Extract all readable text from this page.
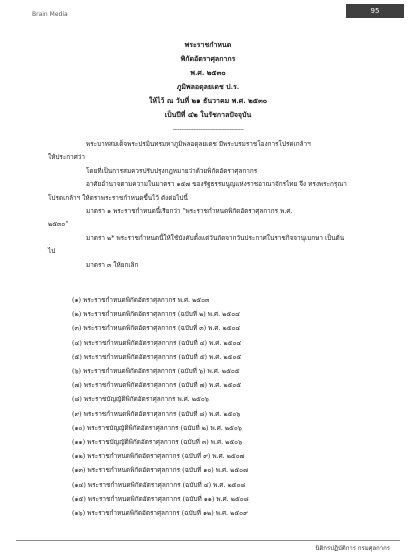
Brain Media	95
พระราชกำหนด
พิกัดอัตราศุลกากร
พ.ศ. ๒๕๓๐
ภูมิพลอดุลยเดช ป.ร.
ให้ไว้ ณ วันที่ ๒๑ ธันวาคม พ.ศ. ๒๕๓๐
เป็นปีที่ ๔๒ ในรัชกาลปัจจุบัน
-----------------------------------------
พระบาทสมเด็จพระปรมินทรมหาภูมิพลอดุลยเดช มีพระบรมราชโองการโปรดเกล้าฯ
ให้ประกาศว่า
โดยที่เป็นการสมควรปรับปรุงกฎหมายว่าด้วยพิกัดอัตราศุลกากร
อาศัยอำนาจตามความในมาตรา ๑๕๗ ของรัฐธรรมนูญแห่งราชอาณาจักรไทย จึง ทรงพระกรุณา
โปรดเกล้าฯ ให้ตราพระราชกำหนดขึ้นไว้ ดังต่อไปนี้
มาตรา ๑ พระราชกำหนดนี้เรียกว่า "พระราชกำหนดพิกัดอัตราศุลกากร พ.ศ.
๒๕๓๐"
มาตรา ๒* พระราชกำหนดนี้ให้ใช้บังคับตั้งแต่วันถัดจากวันประกาศในราชกิจจานุเบกษา เป็นต้น
ไป
มาตรา ๓ ให้ยกเลิก
(๑) พระราชกำหนดพิกัดอัตราศุลกากร พ.ศ. ๒๕๐๓
(๒) พระราชกำหนดพิกัดอัตราศุลกากร (ฉบับที่ ๒) พ.ศ. ๒๕๐๔
(๓) พระราชกำหนดพิกัดอัตราศุลกากร (ฉบับที่ ๓) พ.ศ. ๒๕๐๔
(๔) พระราชกำหนดพิกัดอัตราศุลกากร (ฉบับที่ ๔) พ.ศ. ๒๕๐๔
(๕) พระราชกำหนดพิกัดอัตราศุลกากร (ฉบับที่ ๕) พ.ศ. ๒๕๐๕
(๖) พระราชกำหนดพิกัดอัตราศุลกากร (ฉบับที่ ๖) พ.ศ. ๒๕๐๕
(๗) พระราชกำหนดพิกัดอัตราศุลกากร (ฉบับที่ ๗) พ.ศ. ๒๕๐๕
(๘) พระราชบัญญัติพิกัดอัตราศุลกากร พ.ศ. ๒๕๐๖
(๙) พระราชกำหนดพิกัดอัตราศุลกากร (ฉบับที่ ๘) พ.ศ. ๒๕๐๖
(๑๐) พระราชบัญญัติพิกัดอัตราศุลกากร (ฉบับที่ ๒) พ.ศ. ๒๕๐๖
(๑๑) พระราชบัญญัติพิกัดอัตราศุลกากร (ฉบับที่ ๓) พ.ศ. ๒๕๐๖
(๑๒) พระราชกำหนดพิกัดอัตราศุลกากร (ฉบับที่ ๙) พ.ศ. ๒๕๐๗
(๑๓) พระราชกำหนดพิกัดอัตราศุลกากร (ฉบับที่ ๑๐) พ.ศ. ๒๕๐๗
(๑๔) พระราชกำหนดพิกัดอัตราศุลกากร (ฉบับที่ ๔) พ.ศ. ๒๕๐๘
(๑๕) พระราชกำหนดพิกัดอัตราศุลกากร (ฉบับที่ ๑๑) พ.ศ. ๒๕๐๘
(๑๖) พระราชกำหนดพิกัดอัตราศุลกากร (ฉบับที่ ๑๒) พ.ศ. ๒๕๐๙
นิติกรปฏิบัติการ กรมศุลกากร
